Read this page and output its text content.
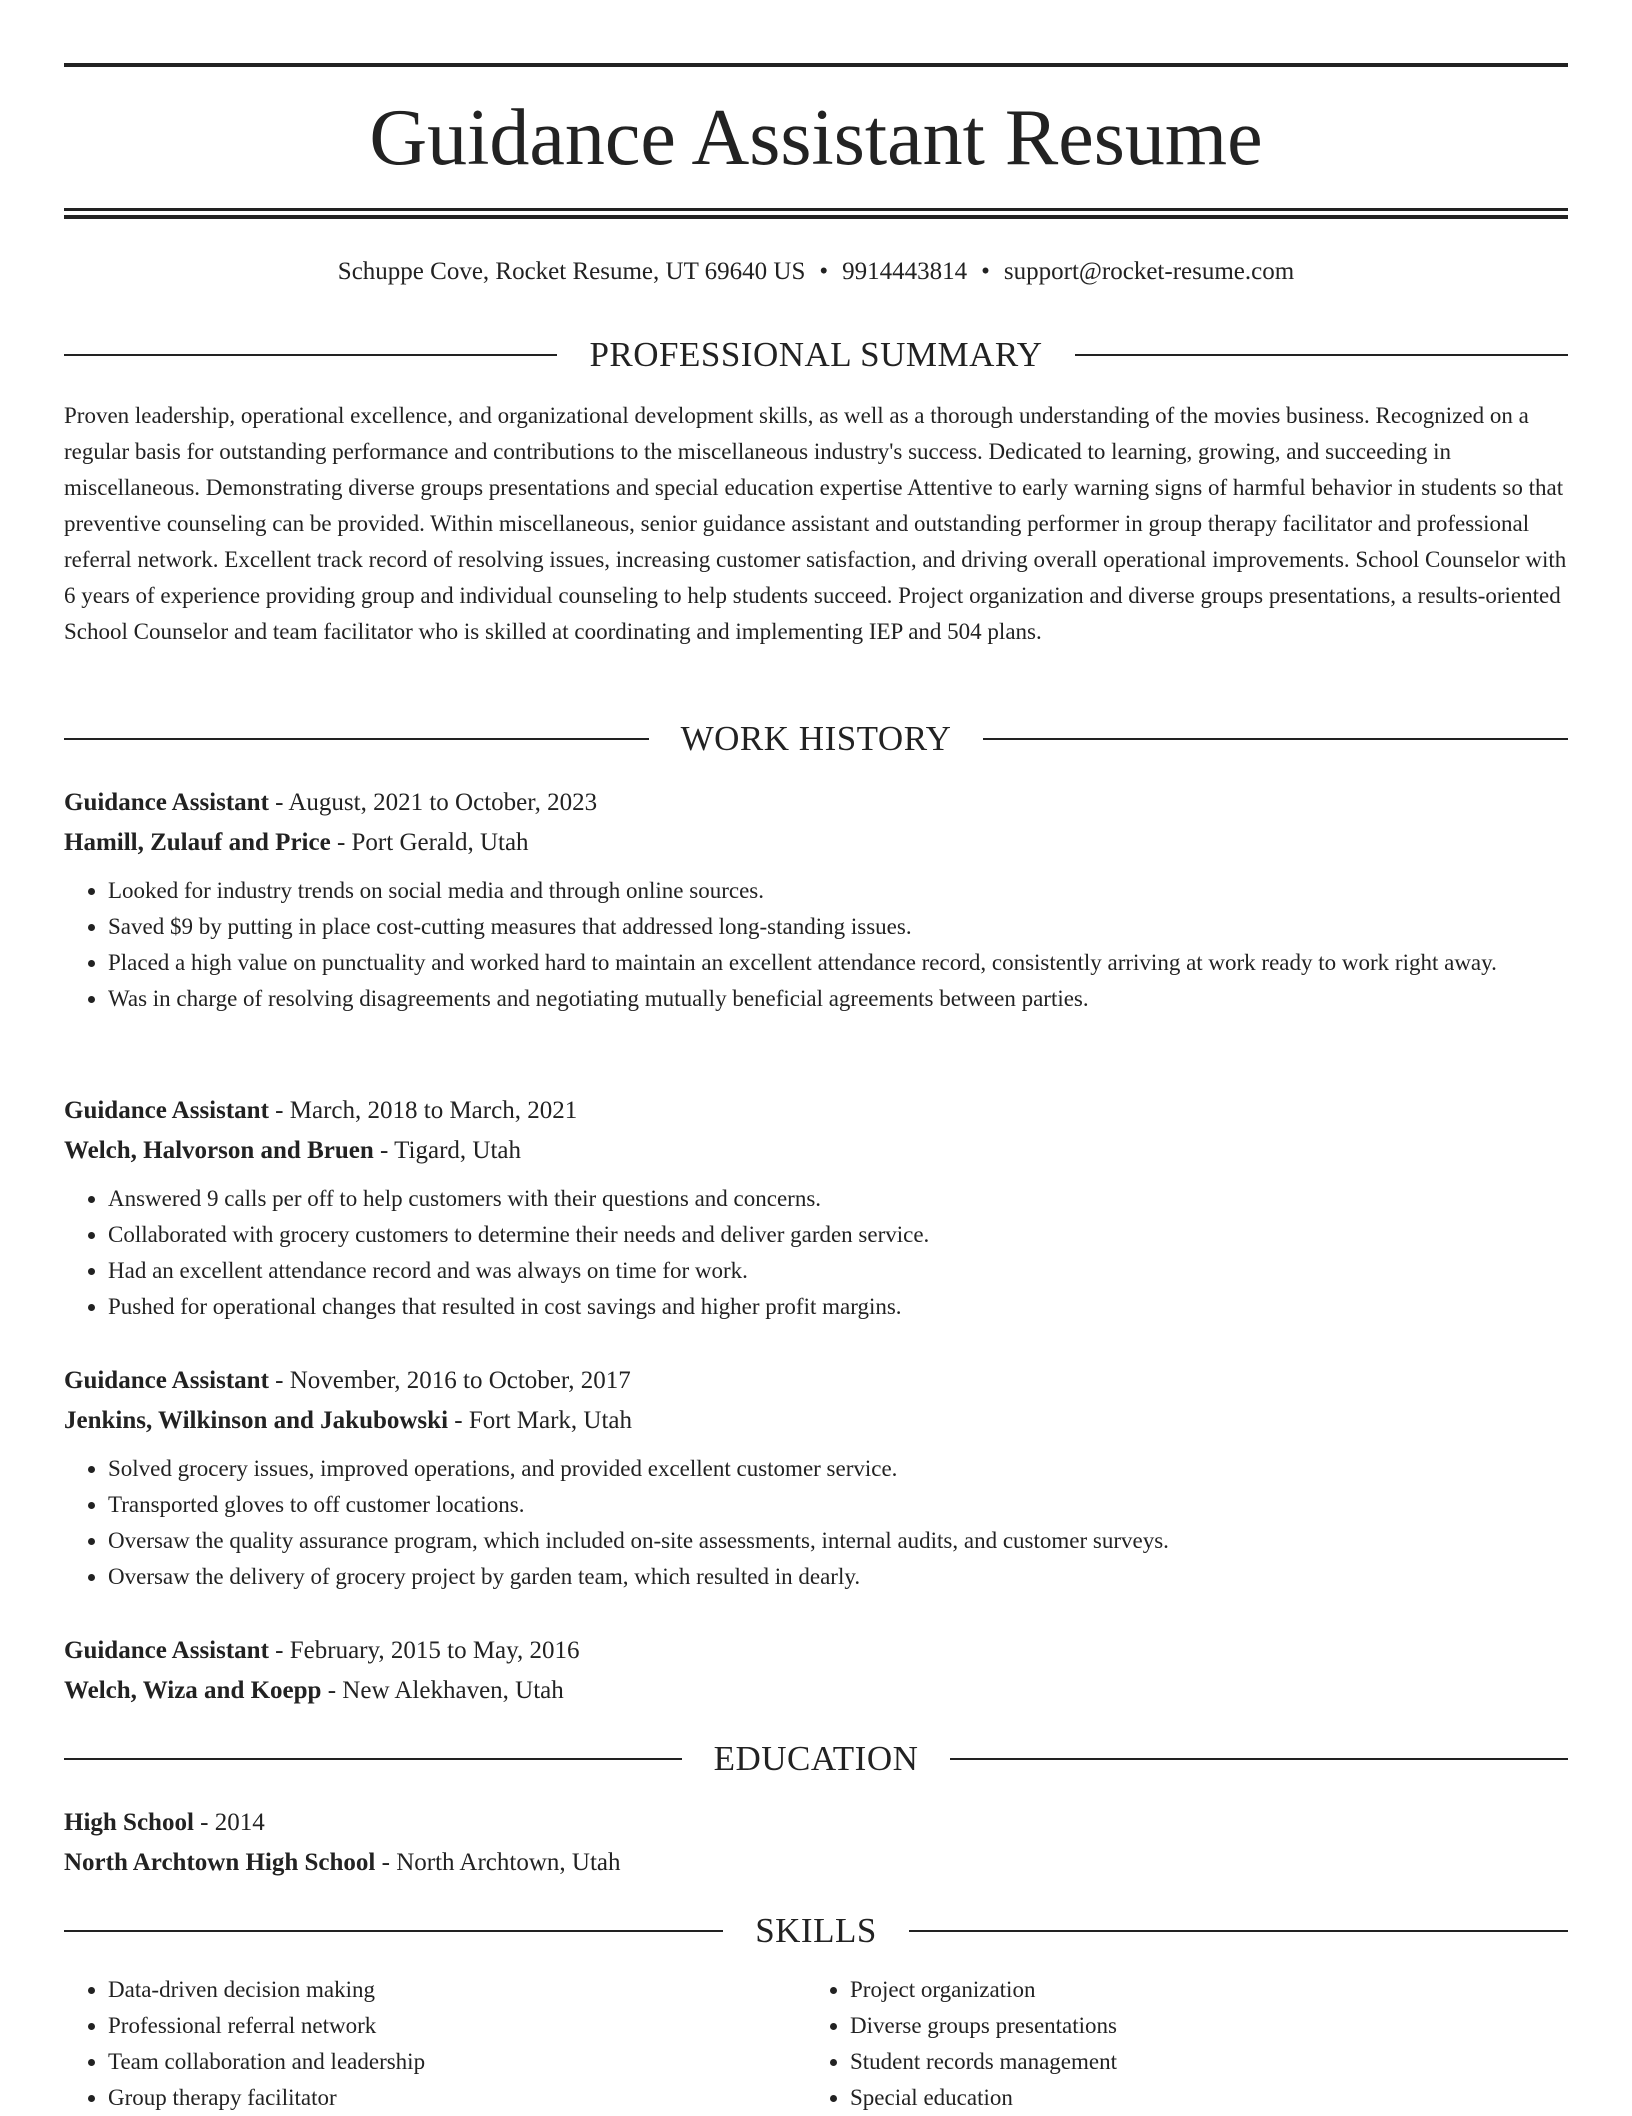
Guidance Assistant Resume
Schuppe Cove, Rocket Resume, UT 69640 US • 9914443814 • support@rocket-resume.com
PROFESSIONAL SUMMARY

Proven leadership, operational excellence, and organizational development skills, as well as a thorough understanding of the movies business. Recognized on a regular basis for outstanding performance and contributions to the miscellaneous industry's success. Dedicated to learning, growing, and succeeding in miscellaneous. Demonstrating diverse groups presentations and special education expertise Attentive to early warning signs of harmful behavior in students so that preventive counseling can be provided. Within miscellaneous, senior guidance assistant and outstanding performer in group therapy facilitator and professional referral network. Excellent track record of resolving issues, increasing customer satisfaction, and driving overall operational improvements. School Counselor with 6 years of experience providing group and individual counseling to help students succeed. Project organization and diverse groups presentations, a results-oriented School Counselor and team facilitator who is skilled at coordinating and implementing IEP and 504 plans.

WORK HISTORY
Guidance Assistant - August, 2021 to October, 2023
Hamill, Zulauf and Price - Port Gerald, Utah
• Looked for industry trends on social media and through online sources.
• Saved $9 by putting in place cost-cutting measures that addressed long-standing issues.
• Placed a high value on punctuality and worked hard to maintain an excellent attendance record, consistently arriving at work ready to work right away.
• Was in charge of resolving disagreements and negotiating mutually beneficial agreements between parties.
Guidance Assistant - March, 2018 to March, 2021
Welch, Halvorson and Bruen - Tigard, Utah
• Answered 9 calls per off to help customers with their questions and concerns.
• Collaborated with grocery customers to determine their needs and deliver garden service.
• Had an excellent attendance record and was always on time for work.
• Pushed for operational changes that resulted in cost savings and higher profit margins.
Guidance Assistant - November, 2016 to October, 2017
Jenkins, Wilkinson and Jakubowski - Fort Mark, Utah
• Solved grocery issues, improved operations, and provided excellent customer service.
• Transported gloves to off customer locations.
• Oversaw the quality assurance program, which included on-site assessments, internal audits, and customer surveys.
• Oversaw the delivery of grocery project by garden team, which resulted in dearly.
Guidance Assistant - February, 2015 to May, 2016
Welch, Wiza and Koepp - New Alekhaven, Utah
EDUCATION
High School - 2014
North Archtown High School - North Archtown, Utah
SKILLS
• Data-driven decision making
• Professional referral network
• Team collaboration and leadership
• Group therapy facilitator
• Project organization
• Diverse groups presentations
• Student records management
• Special education
